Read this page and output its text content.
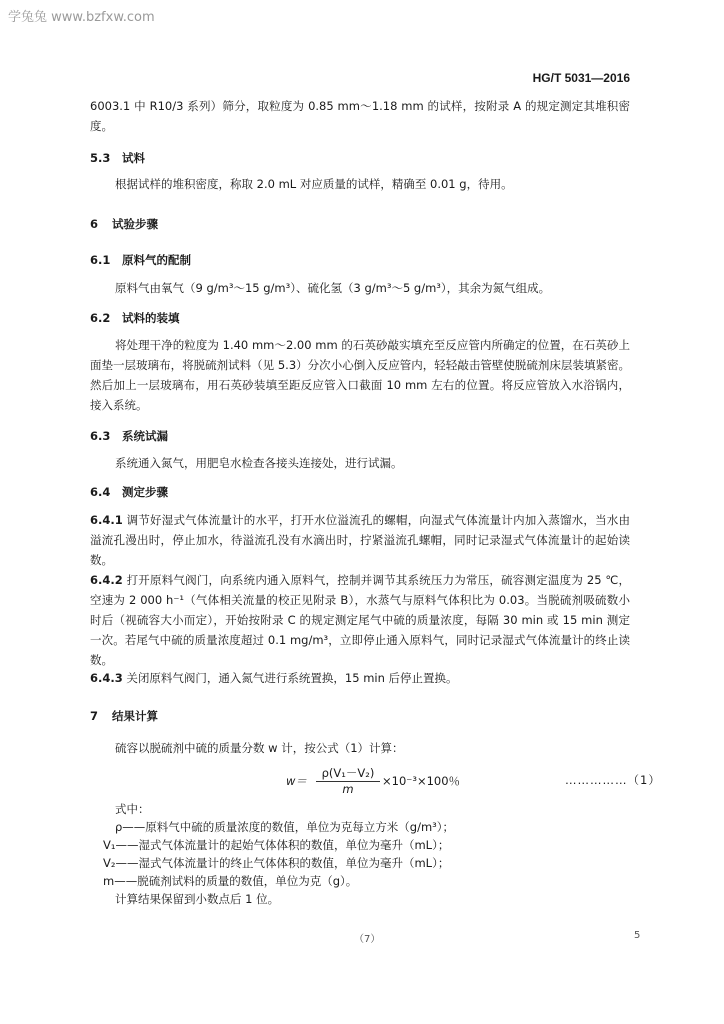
学兔兔 www.bzfxw.com
HG/T 5031—2016
6003.1 中 R10/3 系列）筛分，取粒度为 0.85 mm～1.18 mm 的试样，按附录 A 的规定测定其堆积密度。
5.3 试料
根据试样的堆积密度，称取 2.0 mL 对应质量的试样，精确至 0.01 g，待用。
6 试验步骤
6.1 原料气的配制
原料气由氧气（9 g/m³～15 g/m³）、硫化氢（3 g/m³～5 g/m³），其余为氮气组成。
6.2 试料的装填
将处理干净的粒度为 1.40 mm～2.00 mm 的石英砂敲实填充至反应管内所确定的位置，在石英砂上面垫一层玻璃布，将脱硫剂试料（见 5.3）分次小心倒入反应管内，轻轻敲击管壁使脱硫剂床层装填紧密。然后加上一层玻璃布，用石英砂装填至距反应管入口截面 10 mm 左右的位置。将反应管放入水浴锅内，接入系统。
6.3 系统试漏
系统通入氮气，用肥皂水检查各接头连接处，进行试漏。
6.4 测定步骤
6.4.1 调节好湿式气体流量计的水平，打开水位溢流孔的螺帽，向湿式气体流量计内加入蒸馏水，当水由溢流孔漫出时，停止加水，待溢流孔没有水滴出时，拧紧溢流孔螺帽，同时记录湿式气体流量计的起始读数。
6.4.2 打开原料气阀门，向系统内通入原料气，控制并调节其系统压力为常压，硫容测定温度为 25 ℃，空速为 2 000 h⁻¹（气体相关流量的校正见附录 B），水蒸气与原料气体积比为 0.03。当脱硫剂吸硫数小时后（视硫容大小而定），开始按附录 C 的规定测定尾气中硫的质量浓度，每隔 30 min 或 15 min 测定一次。若尾气中硫的质量浓度超过 0.1 mg/m³，立即停止通入原料气，同时记录湿式气体流量计的终止读数。
6.4.3 关闭原料气阀门，通入氮气进行系统置换，15 min 后停止置换。
7 结果计算
硫容以脱硫剂中硫的质量分数 w 计，按公式（1）计算：
$w= \frac{\text{ρ(V₁－V₂)}}{m} \times 10^{-3}\times 100$％	……………（1）
式中：
ρ——原料气中硫的质量浓度的数值，单位为克每立方米（g/m³）；
V₁——湿式气体流量计的起始气体体积的数值，单位为毫升（mL）；
V₂——湿式气体流量计的终止气体体积的数值，单位为毫升（mL）；
m——脱硫剂试料的质量的数值，单位为克（g）。
计算结果保留到小数点后 1 位。
（7）	5
